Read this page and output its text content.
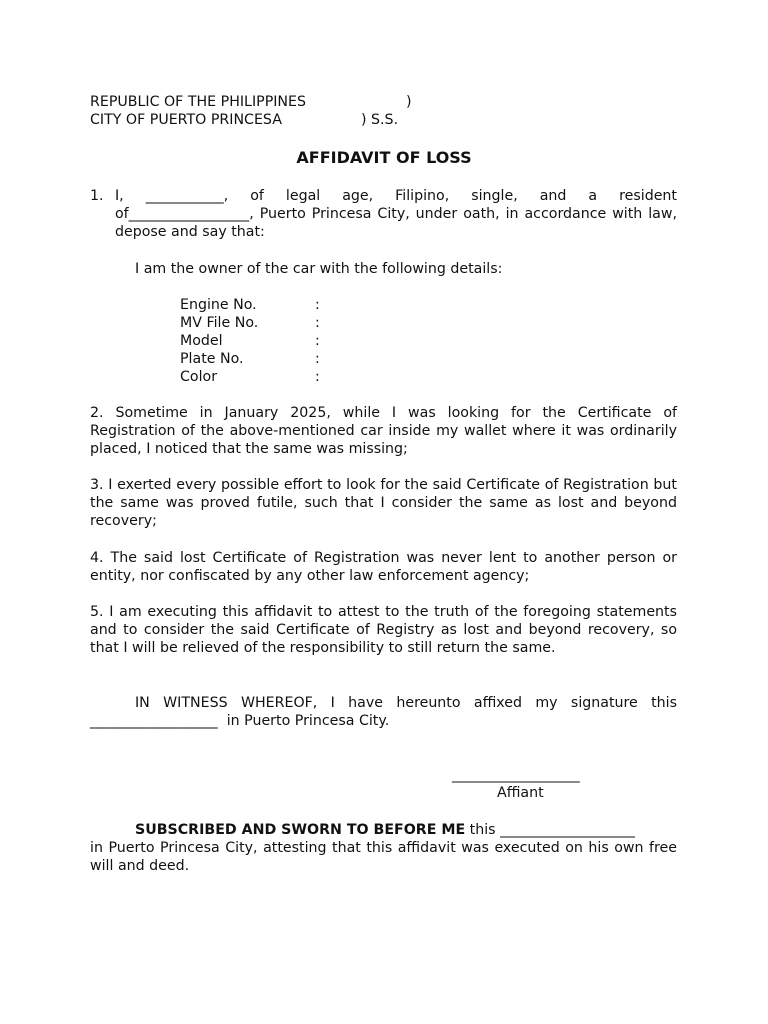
REPUBLIC OF THE PHILIPPINES	)
CITY OF PUERTO PRINCESA	) S.S.
AFFIDAVIT OF LOSS
1. I, ___________, of legal age, Filipino, single, and a resident
of_________________, Puerto Princesa City, under oath, in accordance with law, depose and say that:
I am the owner of the car with the following details:
Engine No.	:
MV File No.	:
Model	:
Plate No.	:
Color	:
2. Sometime in January 2025, while I was looking for the Certificate of Registration of the above-mentioned car inside my wallet where it was ordinarily placed, I noticed that the same was missing;
3. I exerted every possible effort to look for the said Certificate of Registration but the same was proved futile, such that I consider the same as lost and beyond recovery;
4. The said lost Certificate of Registration was never lent to another person or entity, nor confiscated by any other law enforcement agency;
5. I am executing this affidavit to attest to the truth of the foregoing statements and to consider the said Certificate of Registry as lost and beyond recovery, so that I will be relieved of the responsibility to still return the same.
IN WITNESS WHEREOF, I have hereunto affixed my signature this
__________________  in Puerto Princesa City.
__________________
Affiant
SUBSCRIBED AND SWORN TO BEFORE ME this ___________________
in Puerto Princesa City, attesting that this affidavit was executed on his own free will and deed.
